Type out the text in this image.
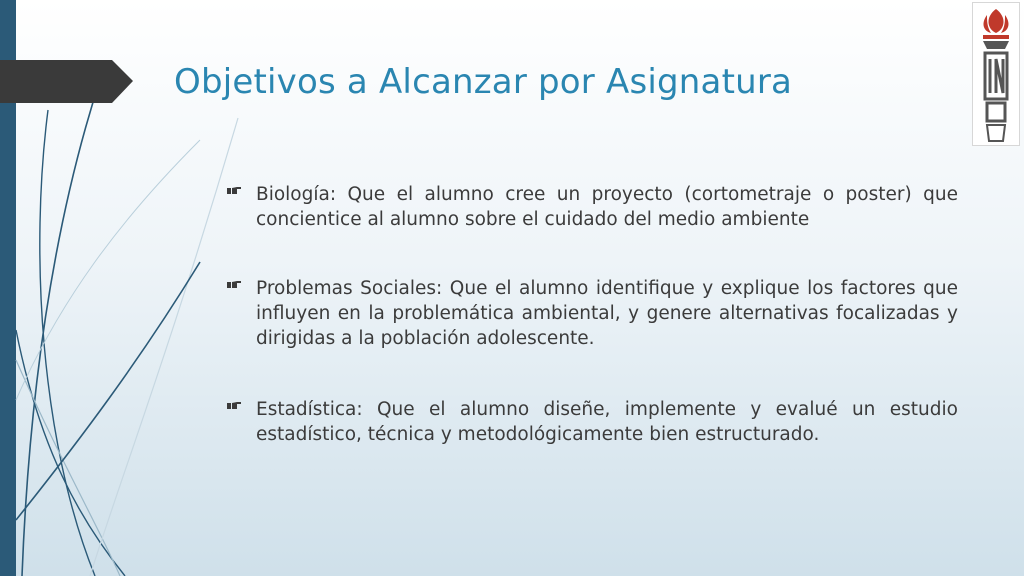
Objetivos a Alcanzar por Asignatura
Biología: Que el alumno cree un proyecto (cortometraje o poster) que concientice al alumno sobre el cuidado del medio ambiente
Problemas Sociales: Que el alumno identifique y explique los factores que influyen en la problemática ambiental, y genere alternativas focalizadas y dirigidas a la población adolescente.
Estadística: Que el alumno diseñe, implemente y evalué un estudio estadístico, técnica y metodológicamente bien estructurado.
